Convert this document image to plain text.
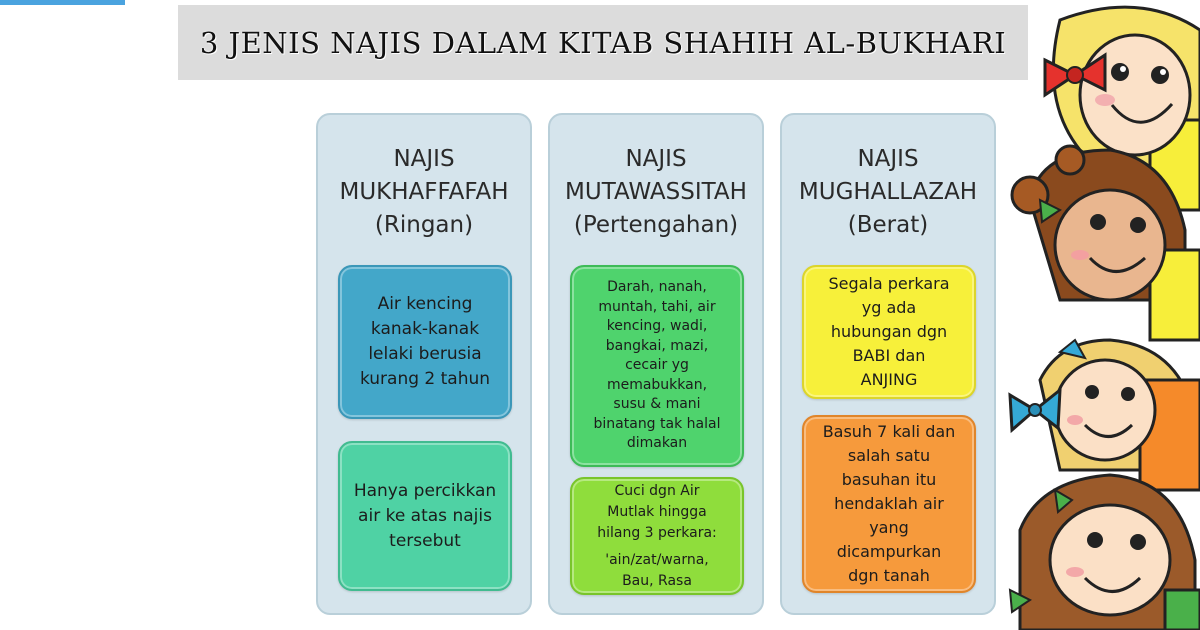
3 JENIS NAJIS DALAM KITAB SHAHIH AL-BUKHARI
NAJIS
MUKHAFFAFAH
(Ringan)
Air kencing
kanak-kanak
lelaki berusia
kurang 2 tahun
Hanya percikkan
air ke atas najis
tersebut
NAJIS
MUTAWASSITAH
(Pertengahan)
Darah, nanah,
muntah, tahi, air
kencing, wadi,
bangkai, mazi,
cecair yg
memabukkan,
susu & mani
binatang tak halal
dimakan
Cuci dgn Air
Mutlak hingga
hilang 3 perkara:
'ain/zat/warna,
Bau, Rasa
NAJIS
MUGHALLAZAH
(Berat)
Segala perkara
yg ada
hubungan dgn
BABI dan
ANJING
Basuh 7 kali dan
salah satu
basuhan itu
hendaklah air
yang
dicampurkan
dgn tanah
